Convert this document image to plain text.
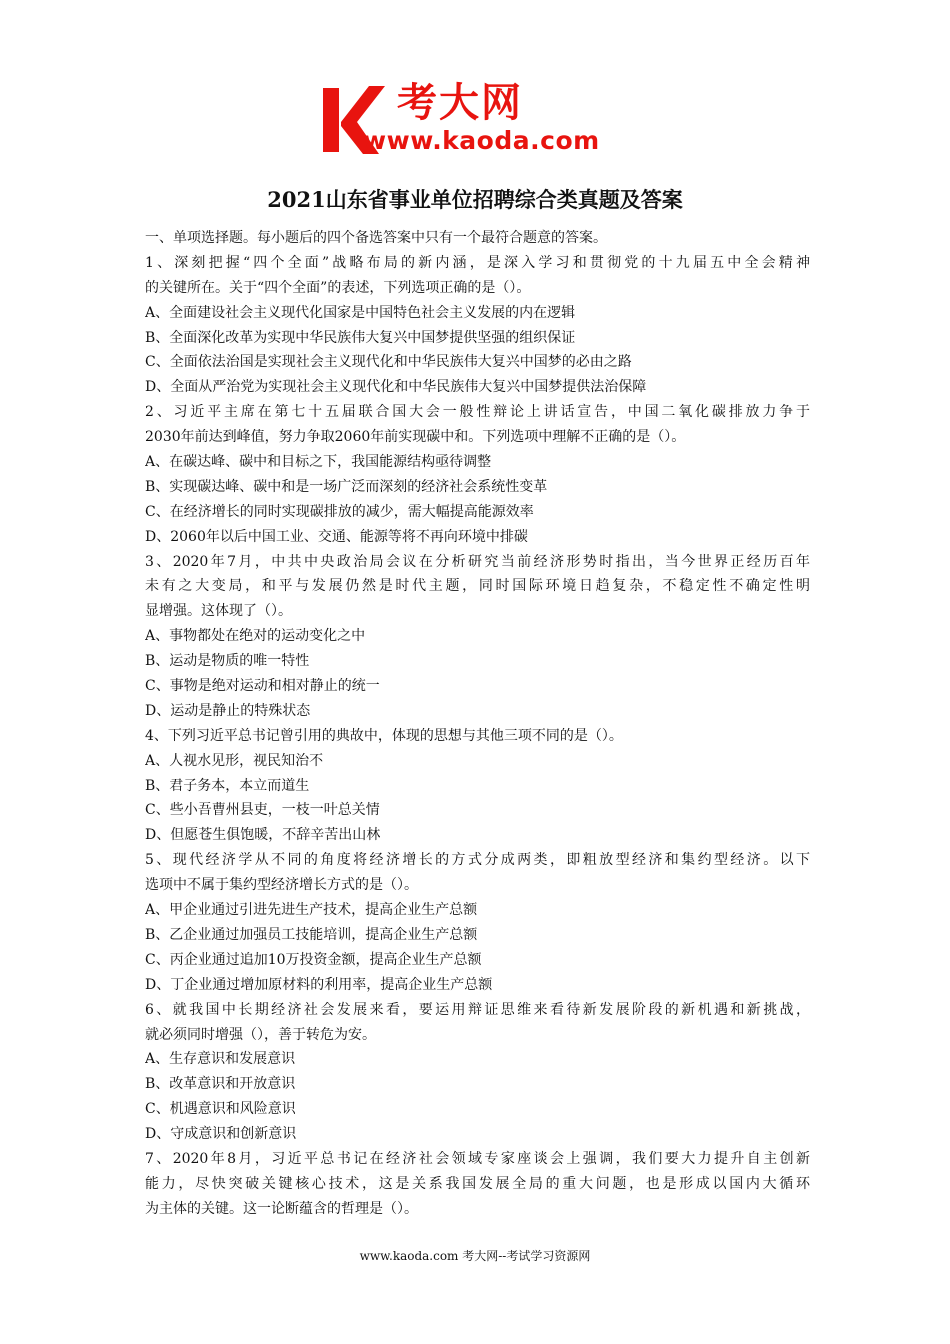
考大网
www.kaoda.com
2021山东省事业单位招聘综合类真题及答案
一、单项选择题。每小题后的四个备选答案中只有一个最符合题意的答案。
1、深刻把握“四个全面”战略布局的新内涵，是深入学习和贯彻党的十九届五中全会精神
的关键所在。关于“四个全面”的表述，下列选项正确的是（）。
A、全面建设社会主义现代化国家是中国特色社会主义发展的内在逻辑
B、全面深化改革为实现中华民族伟大复兴中国梦提供坚强的组织保证
C、全面依法治国是实现社会主义现代化和中华民族伟大复兴中国梦的必由之路
D、全面从严治党为实现社会主义现代化和中华民族伟大复兴中国梦提供法治保障
2、习近平主席在第七十五届联合国大会一般性辩论上讲话宣告，中国二氧化碳排放力争于
2030年前达到峰值，努力争取2060年前实现碳中和。下列选项中理解不正确的是（）。
A、在碳达峰、碳中和目标之下，我国能源结构亟待调整
B、实现碳达峰、碳中和是一场广泛而深刻的经济社会系统性变革
C、在经济增长的同时实现碳排放的减少，需大幅提高能源效率
D、2060年以后中国工业、交通、能源等将不再向环境中排碳
3、2020年7月，中共中央政治局会议在分析研究当前经济形势时指出，当今世界正经历百年
未有之大变局，和平与发展仍然是时代主题，同时国际环境日趋复杂，不稳定性不确定性明
显增强。这体现了（）。
A、事物都处在绝对的运动变化之中
B、运动是物质的唯一特性
C、事物是绝对运动和相对静止的统一
D、运动是静止的特殊状态
4、下列习近平总书记曾引用的典故中，体现的思想与其他三项不同的是（）。
A、人视水见形，视民知治不
B、君子务本，本立而道生
C、些小吾曹州县吏，一枝一叶总关情
D、但愿苍生俱饱暖，不辞辛苦出山林
5、现代经济学从不同的角度将经济增长的方式分成两类，即粗放型经济和集约型经济。以下
选项中不属于集约型经济增长方式的是（）。
A、甲企业通过引进先进生产技术，提高企业生产总额
B、乙企业通过加强员工技能培训，提高企业生产总额
C、丙企业通过追加10万投资金额，提高企业生产总额
D、丁企业通过增加原材料的利用率，提高企业生产总额
6、就我国中长期经济社会发展来看，要运用辩证思维来看待新发展阶段的新机遇和新挑战，
就必须同时增强（），善于转危为安。
A、生存意识和发展意识
B、改革意识和开放意识
C、机遇意识和风险意识
D、守成意识和创新意识
7、2020年8月，习近平总书记在经济社会领域专家座谈会上强调，我们要大力提升自主创新
能力，尽快突破关键核心技术，这是关系我国发展全局的重大问题，也是形成以国内大循环
为主体的关键。这一论断蕴含的哲理是（）。
www.kaoda.com 考大网--考试学习资源网
